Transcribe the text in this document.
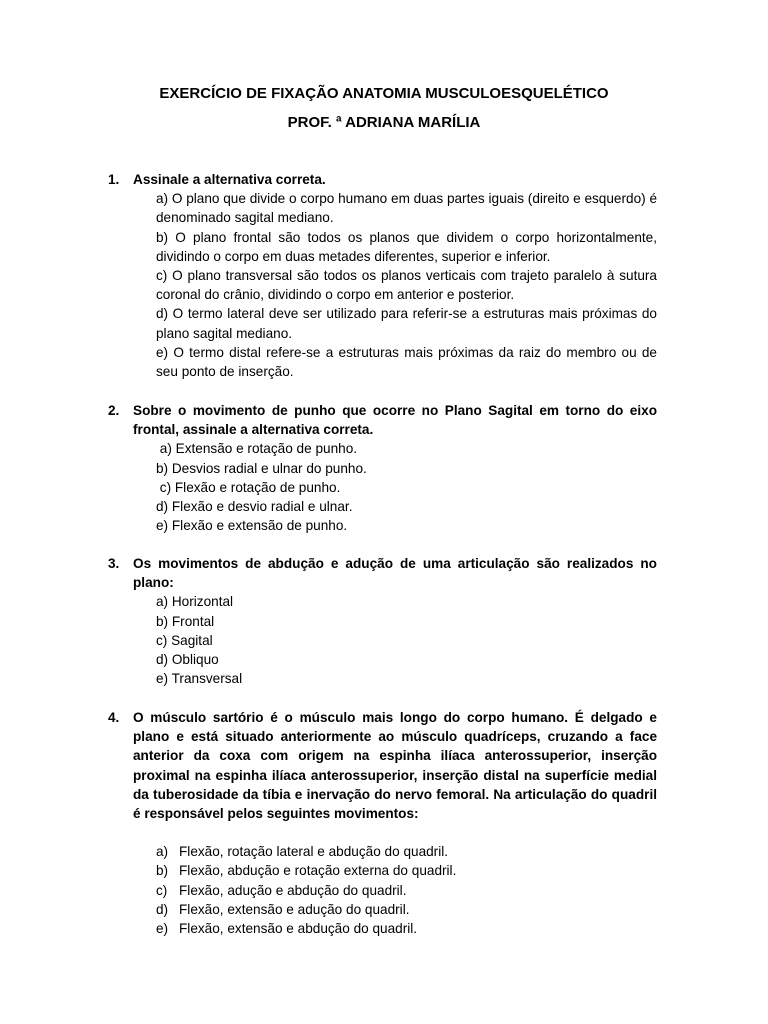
EXERCÍCIO DE FIXAÇÃO ANATOMIA MUSCULOESQUELÉTICO
PROF. ª ADRIANA MARÍLIA
1. Assinale a alternativa correta.
a) O plano que divide o corpo humano em duas partes iguais (direito e esquerdo) é denominado sagital mediano.
b) O plano frontal são todos os planos que dividem o corpo horizontalmente, dividindo o corpo em duas metades diferentes, superior e inferior.
c) O plano transversal são todos os planos verticais com trajeto paralelo à sutura coronal do crânio, dividindo o corpo em anterior e posterior.
d) O termo lateral deve ser utilizado para referir-se a estruturas mais próximas do plano sagital mediano.
e) O termo distal refere-se a estruturas mais próximas da raiz do membro ou de seu ponto de inserção.
2. Sobre o movimento de punho que ocorre no Plano Sagital em torno do eixo frontal, assinale a alternativa correta.
a) Extensão e rotação de punho.
b) Desvios radial e ulnar do punho.
c) Flexão e rotação de punho.
d) Flexão e desvio radial e ulnar.
e) Flexão e extensão de punho.
3. Os movimentos de abdução e adução de uma articulação são realizados no plano:
a) Horizontal
b) Frontal
c) Sagital
d) Obliquo
e) Transversal
4. O músculo sartório é o músculo mais longo do corpo humano. É delgado e plano e está situado anteriormente ao músculo quadríceps, cruzando a face anterior da coxa com origem na espinha ilíaca anterossuperior, inserção proximal na espinha ilíaca anterossuperior, inserção distal na superfície medial da tuberosidade da tíbia e inervação do nervo femoral. Na articulação do quadril é responsável pelos seguintes movimentos:
a) Flexão, rotação lateral e abdução do quadril.
b) Flexão, abdução e rotação externa do quadril.
c) Flexão, adução e abdução do quadril.
d) Flexão, extensão e adução do quadril.
e) Flexão, extensão e abdução do quadril.
